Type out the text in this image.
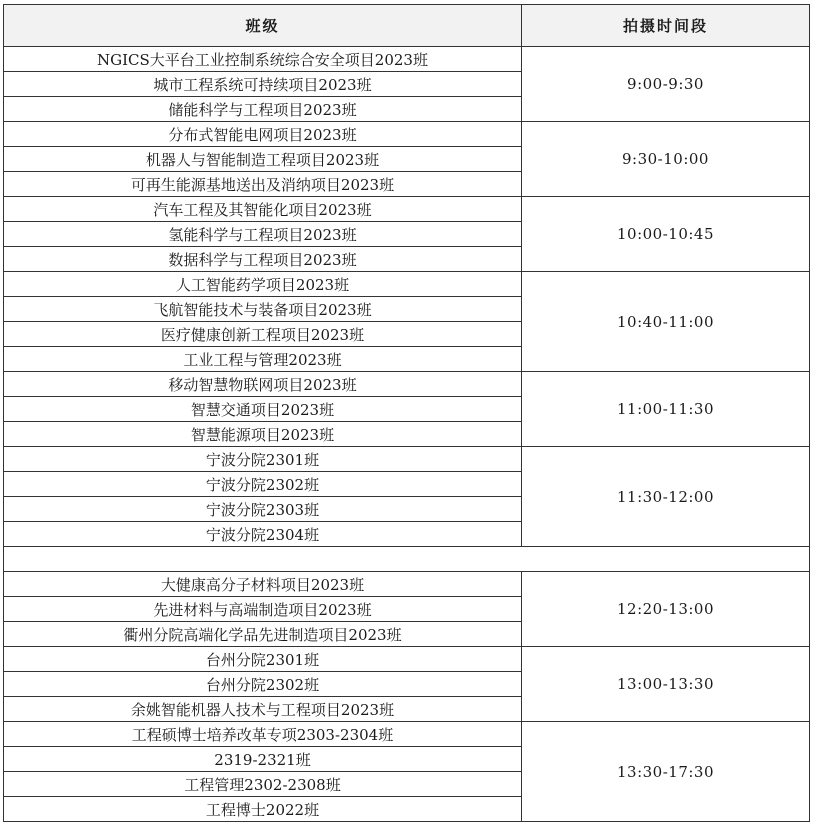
班级	拍摄时间段
NGICS大平台工业控制系统综合安全项目2023班	9:00-9:30
城市工程系统可持续项目2023班	
储能科学与工程项目2023班	
分布式智能电网项目2023班	9:30-10:00
机器人与智能制造工程项目2023班	
可再生能源基地送出及消纳项目2023班	
汽车工程及其智能化项目2023班	10:00-10:45
氢能科学与工程项目2023班	
数据科学与工程项目2023班	
人工智能药学项目2023班	10:40-11:00
飞航智能技术与装备项目2023班	
医疗健康创新工程项目2023班	
工业工程与管理2023班	
移动智慧物联网项目2023班	11:00-11:30
智慧交通项目2023班	
智慧能源项目2023班	
宁波分院2301班	11:30-12:00
宁波分院2302班	
宁波分院2303班	
宁波分院2304班	

大健康高分子材料项目2023班	12:20-13:00
先进材料与高端制造项目2023班	
衢州分院高端化学品先进制造项目2023班	
台州分院2301班	13:00-13:30
台州分院2302班	
余姚智能机器人技术与工程项目2023班	
工程硕博士培养改革专项2303-2304班	13:30-17:30
2319-2321班	
工程管理2302-2308班	
工程博士2022班	
